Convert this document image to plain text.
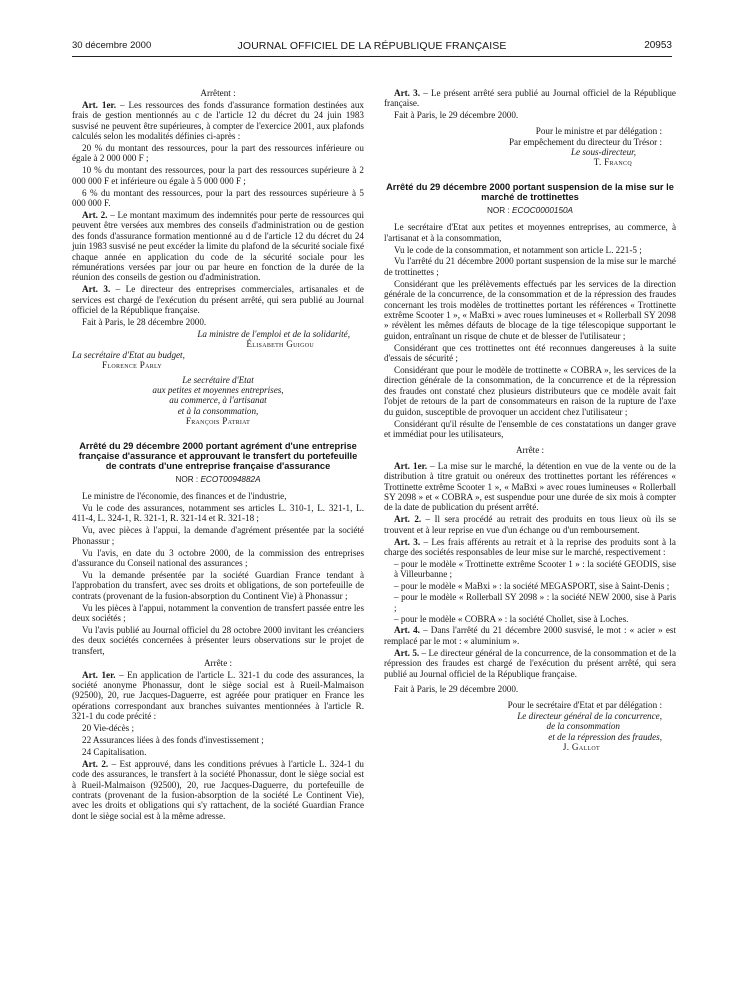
30 décembre 2000	JOURNAL OFFICIEL DE LA RÉPUBLIQUE FRANÇAISE	20953

Arrêtent :

Art. 1er. – Les ressources des fonds d'assurance formation destinées aux frais de gestion mentionnés au c de l'article 12 du décret du 24 juin 1983 susvisé ne peuvent être supérieures, à compter de l'exercice 2001, aux plafonds calculés selon les modalités définies ci-après :

20 % du montant des ressources, pour la part des ressources inférieure ou égale à 2 000 000 F ;

10 % du montant des ressources, pour la part des ressources supérieure à 2 000 000 F et inférieure ou égale à 5 000 000 F ;

6 % du montant des ressources, pour la part des ressources supérieure à 5 000 000 F.

Art. 2. – Le montant maximum des indemnités pour perte de ressources qui peuvent être versées aux membres des conseils d'administration ou de gestion des fonds d'assurance formation mentionné au d de l'article 12 du décret du 24 juin 1983 susvisé ne peut excéder la limite du plafond de la sécurité sociale fixé chaque année en application du code de la sécurité sociale pour les rémunérations versées par jour ou par heure en fonction de la durée de la réunion des conseils de gestion ou d'administration.

Art. 3. – Le directeur des entreprises commerciales, artisanales et de services est chargé de l'exécution du présent arrêté, qui sera publié au Journal officiel de la République française.

Fait à Paris, le 28 décembre 2000.

La ministre de l'emploi et de la solidarité,

Élisabeth Guigou

La secrétaire d'Etat au budget,

Florence Parly

Le secrétaire d'Etat

aux petites et moyennes entreprises,

au commerce, à l'artisanat

et à la consommation,

François Patriat

Arrêté du 29 décembre 2000 portant agrément d'une entreprise française d'assurance et approuvant le transfert du portefeuille de contrats d'une entreprise française d'assurance

NOR : ECOT0094882A

Le ministre de l'économie, des finances et de l'industrie,

Vu le code des assurances, notamment ses articles L. 310-1, L. 321-1, L. 411-4, L. 324-1, R. 321-1, R. 321-14 et R. 321-18 ;

Vu, avec pièces à l'appui, la demande d'agrément présentée par la société Phonassur ;

Vu l'avis, en date du 3 octobre 2000, de la commission des entreprises d'assurance du Conseil national des assurances ;

Vu la demande présentée par la société Guardian France tendant à l'approbation du transfert, avec ses droits et obligations, de son portefeuille de contrats (provenant de la fusion-absorption du Continent Vie) à Phonassur ;

Vu les pièces à l'appui, notamment la convention de transfert passée entre les deux sociétés ;

Vu l'avis publié au Journal officiel du 28 octobre 2000 invitant les créanciers des deux sociétés concernées à présenter leurs observations sur le projet de transfert,

Arrête :

Art. 1er. – En application de l'article L. 321-1 du code des assurances, la société anonyme Phonassur, dont le siège social est à Rueil-Malmaison (92500), 20, rue Jacques-Daguerre, est agréée pour pratiquer en France les opérations correspondant aux branches suivantes mentionnées à l'article R. 321-1 du code précité :

20 Vie-décès ;

22 Assurances liées à des fonds d'investissement ;

24 Capitalisation.

Art. 2. – Est approuvé, dans les conditions prévues à l'article L. 324-1 du code des assurances, le transfert à la société Phonassur, dont le siège social est à Rueil-Malmaison (92500), 20, rue Jacques-Daguerre, du portefeuille de contrats (provenant de la fusion-absorption de la société Le Continent Vie), avec les droits et obligations qui s'y rattachent, de la société Guardian France dont le siège social est à la même adresse.

Art. 3. – Le présent arrêté sera publié au Journal officiel de la République française.

Fait à Paris, le 29 décembre 2000.

Pour le ministre et par délégation :

Par empêchement du directeur du Trésor :

Le sous-directeur,

T. Francq

Arrêté du 29 décembre 2000 portant suspension de la mise sur le marché de trottinettes

NOR : ECOC0000150A

Le secrétaire d'Etat aux petites et moyennes entreprises, au commerce, à l'artisanat et à la consommation,

Vu le code de la consommation, et notamment son article L. 221-5 ;

Vu l'arrêté du 21 décembre 2000 portant suspension de la mise sur le marché de trottinettes ;

Considérant que les prélèvements effectués par les services de la direction générale de la concurrence, de la consommation et de la répression des fraudes concernant les trois modèles de trottinettes portant les références « Trottinette extrême Scooter 1 », « MaBxi » avec roues lumineuses et « Rollerball SY 2098 » révèlent les mêmes défauts de blocage de la tige télescopique supportant le guidon, entraînant un risque de chute et de blesser de l'utilisateur ;

Considérant que ces trottinettes ont été reconnues dangereuses à la suite d'essais de sécurité ;

Considérant que pour le modèle de trottinette « COBRA », les services de la direction générale de la consommation, de la concurrence et de la répression des fraudes ont constaté chez plusieurs distributeurs que ce modèle avait fait l'objet de retours de la part de consommateurs en raison de la rupture de l'axe du guidon, susceptible de provoquer un accident chez l'utilisateur ;

Considérant qu'il résulte de l'ensemble de ces constatations un danger grave et immédiat pour les utilisateurs,

Arrête :

Art. 1er. – La mise sur le marché, la détention en vue de la vente ou de la distribution à titre gratuit ou onéreux des trottinettes portant les références « Trottinette extrême Scooter 1 », « MaBxi » avec roues lumineuses « Rollerball SY 2098 » et « COBRA », est suspendue pour une durée de six mois à compter de la date de publication du présent arrêté.

Art. 2. – Il sera procédé au retrait des produits en tous lieux où ils se trouvent et à leur reprise en vue d'un échange ou d'un remboursement.

Art. 3. – Les frais afférents au retrait et à la reprise des produits sont à la charge des sociétés responsables de leur mise sur le marché, respectivement :

– pour le modèle « Trottinette extrême Scooter 1 » : la société GEODIS, sise à Villeurbanne ;

– pour le modèle « MaBxi » : la société MEGASPORT, sise à Saint-Denis ;

– pour le modèle « Rollerball SY 2098 » : la société NEW 2000, sise à Paris ;

– pour le modèle « COBRA » : la société Chollet, sise à Loches.

Art. 4. – Dans l'arrêté du 21 décembre 2000 susvisé, le mot : « acier » est remplacé par le mot : « aluminium ».

Art. 5. – Le directeur général de la concurrence, de la consommation et de la répression des fraudes est chargé de l'exécution du présent arrêté, qui sera publié au Journal officiel de la République française.

Fait à Paris, le 29 décembre 2000.

Pour le secrétaire d'Etat et par délégation :

Le directeur général de la concurrence,

de la consommation

et de la répression des fraudes,

J. Gallot
